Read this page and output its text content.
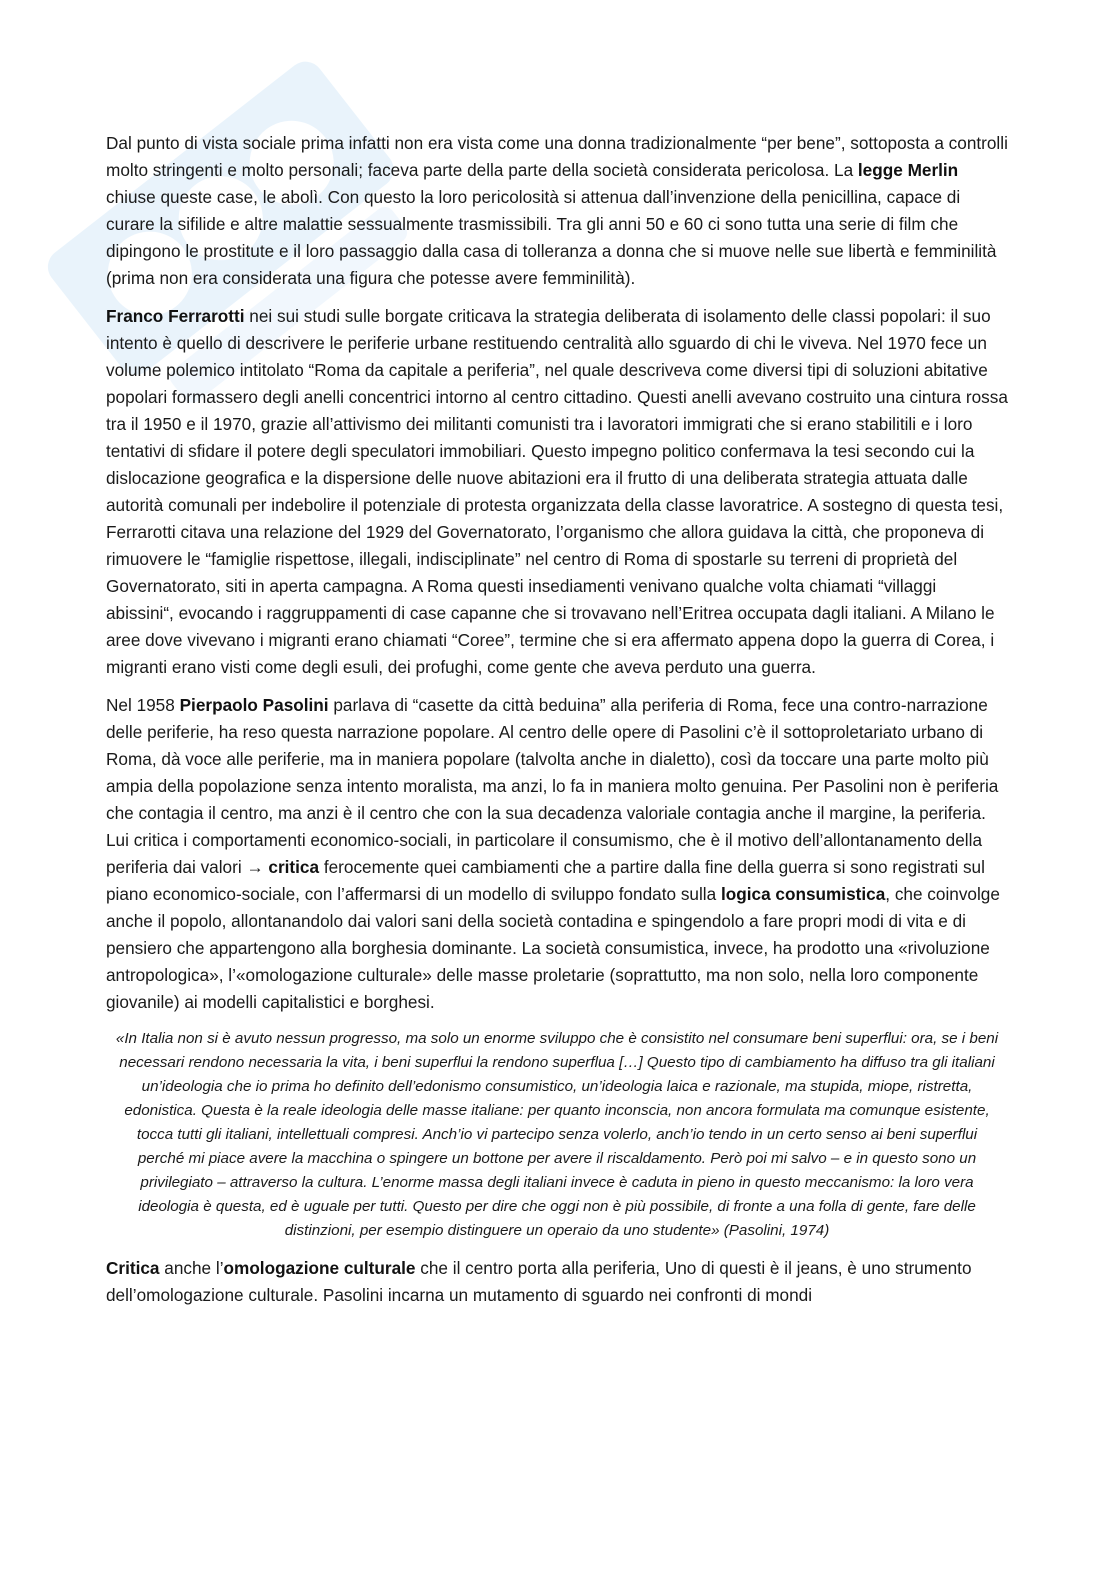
Dal punto di vista sociale prima infatti non era vista come una donna tradizionalmente “per bene”, sottoposta a controlli molto stringenti e molto personali; faceva parte della parte della società considerata pericolosa. La legge Merlin chiuse queste case, le abolì. Con questo la loro pericolosità si attenua dall’invenzione della penicillina, capace di curare la sifilide e altre malattie sessualmente trasmissibili. Tra gli anni 50 e 60 ci sono tutta una serie di film che dipingono le prostitute e il loro passaggio dalla casa di tolleranza a donna che si muove nelle sue libertà e femminilità (prima non era considerata una figura che potesse avere femminilità).

Franco Ferrarotti nei sui studi sulle borgate criticava la strategia deliberata di isolamento delle classi popolari: il suo intento è quello di descrivere le periferie urbane restituendo centralità allo sguardo di chi le viveva. Nel 1970 fece un volume polemico intitolato “Roma da capitale a periferia”, nel quale descriveva come diversi tipi di soluzioni abitative popolari formassero degli anelli concentrici intorno al centro cittadino. Questi anelli avevano costruito una cintura rossa tra il 1950 e il 1970, grazie all’attivismo dei militanti comunisti tra i lavoratori immigrati che si erano stabilitili e i loro tentativi di sfidare il potere degli speculatori immobiliari. Questo impegno politico confermava la tesi secondo cui la dislocazione geografica e la dispersione delle nuove abitazioni era il frutto di una deliberata strategia attuata dalle autorità comunali per indebolire il potenziale di protesta organizzata della classe lavoratrice. A sostegno di questa tesi, Ferrarotti citava una relazione del 1929 del Governatorato, l’organismo che allora guidava la città, che proponeva di rimuovere le “famiglie rispettose, illegali, indisciplinate” nel centro di Roma di spostarle su terreni di proprietà del Governatorato, siti in aperta campagna. A Roma questi insediamenti venivano qualche volta chiamati “villaggi abissini“, evocando i raggruppamenti di case capanne che si trovavano nell’Eritrea occupata dagli italiani. A Milano le aree dove vivevano i migranti erano chiamati “Coree”, termine che si era affermato appena dopo la guerra di Corea, i migranti erano visti come degli esuli, dei profughi, come gente che aveva perduto una guerra.

Nel 1958 Pierpaolo Pasolini parlava di “casette da città beduina” alla periferia di Roma, fece una contro-narrazione delle periferie, ha reso questa narrazione popolare. Al centro delle opere di Pasolini c’è il sottoproletariato urbano di Roma, dà voce alle periferie, ma in maniera popolare (talvolta anche in dialetto), così da toccare una parte molto più ampia della popolazione senza intento moralista, ma anzi, lo fa in maniera molto genuina. Per Pasolini non è periferia che contagia il centro, ma anzi è il centro che con la sua decadenza valoriale contagia anche il margine, la periferia. Lui critica i comportamenti economico-sociali, in particolare il consumismo, che è il motivo dell’allontanamento della periferia dai valori → critica ferocemente quei cambiamenti che a partire dalla fine della guerra si sono registrati sul piano economico-sociale, con l’affermarsi di un modello di sviluppo fondato sulla logica consumistica, che coinvolge anche il popolo, allontanandolo dai valori sani della società contadina e spingendolo a fare propri modi di vita e di pensiero che appartengono alla borghesia dominante. La società consumistica, invece, ha prodotto una «rivoluzione antropologica», l’«omologazione culturale» delle masse proletarie (soprattutto, ma non solo, nella loro componente giovanile) ai modelli capitalistici e borghesi.

«In Italia non si è avuto nessun progresso, ma solo un enorme sviluppo che è consistito nel consumare beni superflui: ora, se i beni necessari rendono necessaria la vita, i beni superflui la rendono superflua […] Questo tipo di cambiamento ha diffuso tra gli italiani un’ideologia che io prima ho definito dell’edonismo consumistico, un’ideologia laica e razionale, ma stupida, miope, ristretta, edonistica. Questa è la reale ideologia delle masse italiane: per quanto inconscia, non ancora formulata ma comunque esistente, tocca tutti gli italiani, intellettuali compresi. Anch’io vi partecipo senza volerlo, anch’io tendo in un certo senso ai beni superflui perché mi piace avere la macchina o spingere un bottone per avere il riscaldamento. Però poi mi salvo – e in questo sono un privilegiato – attraverso la cultura. L’enorme massa degli italiani invece è caduta in pieno in questo meccanismo: la loro vera ideologia è questa, ed è uguale per tutti. Questo per dire che oggi non è più possibile, di fronte a una folla di gente, fare delle distinzioni, per esempio distinguere un operaio da uno studente» (Pasolini, 1974)

Critica anche l’omologazione culturale che il centro porta alla periferia, Uno di questi è il jeans, è uno strumento dell’omologazione culturale. Pasolini incarna un mutamento di sguardo nei confronti di mondi
